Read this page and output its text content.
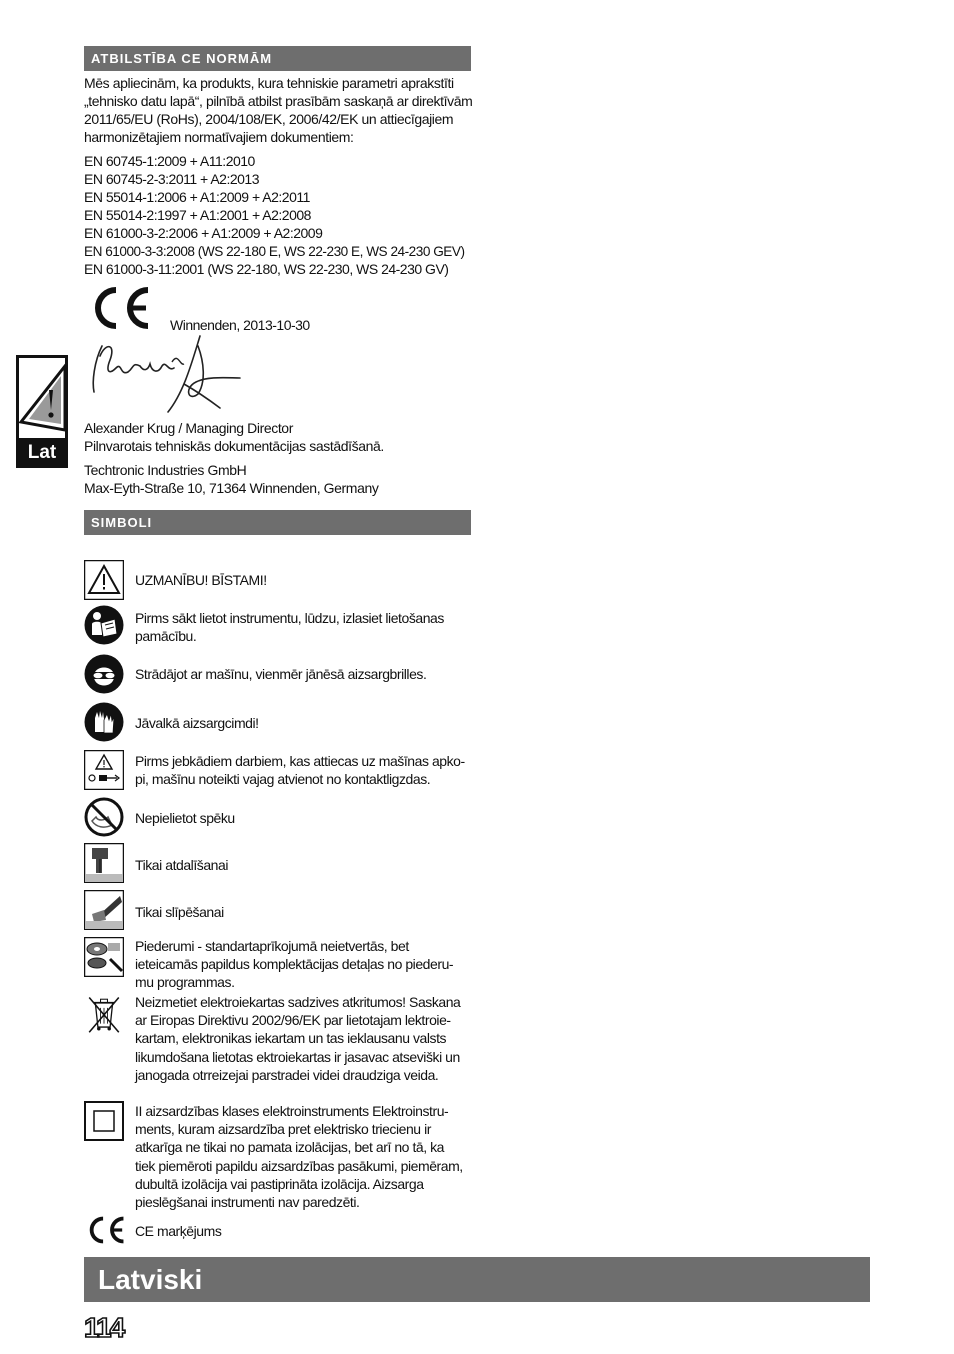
ATBILSTĪBA CE NORMĀM
Mēs apliecinām, ka produkts, kura tehniskie parametri aprakstīti
„tehnisko datu lapā“, pilnībā atbilst prasībām saskaņā ar direktīvām
2011/65/EU (RoHs), 2004/108/EK, 2006/42/EK un attiecīgajiem
harmonizētajiem normatīvajiem dokumentiem:
EN 60745-1:2009 + A11:2010
EN 60745-2-3:2011 + A2:2013
EN 55014-1:2006 + A1:2009 + A2:2011
EN 55014-2:1997 + A1:2001 + A2:2008
EN 61000-3-2:2006 + A1:2009 + A2:2009
EN 61000-3-3:2008 (WS 22-180 E, WS 22-230 E, WS 24-230 GEV)
EN 61000-3-11:2001 (WS 22-180, WS 22-230, WS 24-230 GV)
Winnenden, 2013-10-30
Alexander Krug / Managing Director
Pilnvarotais tehniskās dokumentācijas sastādīšanā.
Techtronic Industries GmbH
Max-Eyth-Straße 10, 71364 Winnenden, Germany
Lat
SIMBOLI
UZMANĪBU! BĪSTAMI!
Pirms sākt lietot instrumentu, lūdzu, izlasiet lietošanas pamācību.
Strādājot ar mašīnu, vienmēr jānēsā aizsargbrilles.
Jāvalkā aizsargcimdi!
Pirms jebkādiem darbiem, kas attiecas uz mašīnas apko- pi, mašīnu noteikti vajag atvienot no kontaktligzdas.
Nepielietot spēku
Tikai atdalīšanai
Tikai slīpēšanai
Piederumi - standartaprīkojumā neietvertās, bet ieteicamās papildus komplektācijas detaļas no piederu- mu programmas.
Neizmetiet elektroiekartas sadzives atkritumos! Saskana ar Eiropas Direktivu 2002/96/EK par lietotajam lektroie- kartam, elektronikas iekartam un tas ieklausanu valsts likumdošana lietotas ektroiekartas ir jasavac atseviški un janogada otrreizejai parstradei videi draudziga veida.
II aizsardzības klases elektroinstruments Elektroinstru- ments, kuram aizsardzība pret elektrisko triecienu ir atkarīga ne tikai no pamata izolācijas, bet arī no tā, ka tiek piemēroti papildu aizsardzības pasākumi, piemēram, dubultā izolācija vai pastiprināta izolācija. Aizsarga pieslēgšanai instrumenti nav paredzēti.
CE marķējums
Latviski
114
